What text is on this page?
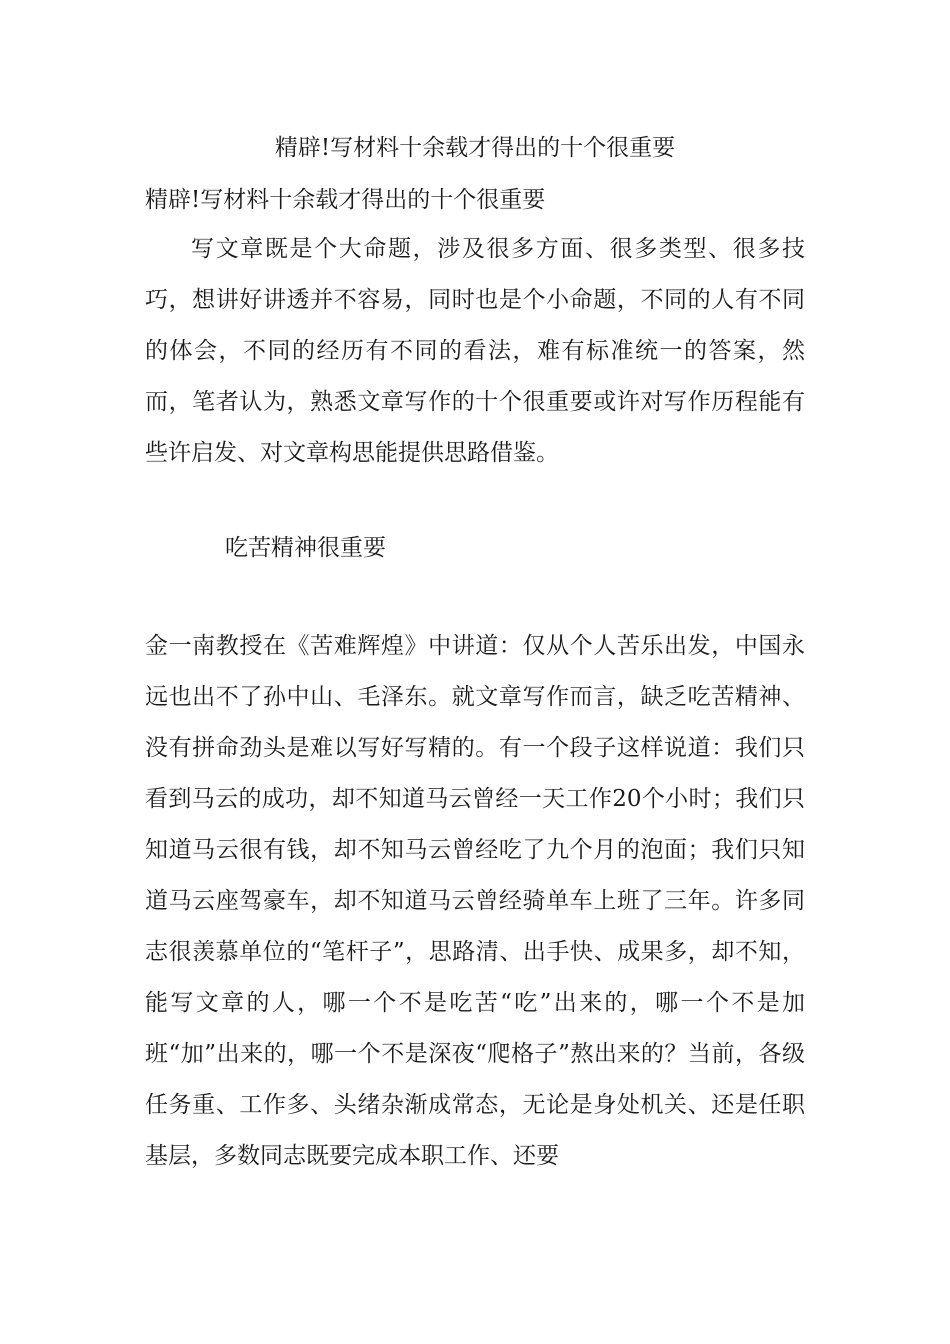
精辟!写材料十余载才得出的十个很重要
精辟!写材料十余载才得出的十个很重要

写文章既是个大命题，涉及很多方面、很多类型、很多技巧，想讲好讲透并不容易，同时也是个小命题，不同的人有不同的体会，不同的经历有不同的看法，难有标准统一的答案，然而，笔者认为，熟悉文章写作的十个很重要或许对写作历程能有些许启发、对文章构思能提供思路借鉴。

吃苦精神很重要

金一南教授在《苦难辉煌》中讲道：仅从个人苦乐出发，中国永远也出不了孙中山、毛泽东。就文章写作而言，缺乏吃苦精神、没有拼命劲头是难以写好写精的。有一个段子这样说道：我们只看到马云的成功，却不知道马云曾经一天工作20个小时；我们只知道马云很有钱，却不知马云曾经吃了九个月的泡面；我们只知道马云座驾豪车，却不知道马云曾经骑单车上班了三年。许多同志很羡慕单位的“笔杆子”，思路清、出手快、成果多，却不知，能写文章的人，哪一个不是吃苦“吃”出来的，哪一个不是加班“加”出来的，哪一个不是深夜“爬格子”熬出来的？当前，各级任务重、工作多、头绪杂渐成常态，无论是身处机关、还是任职基层，多数同志既要完成本职工作、还要
